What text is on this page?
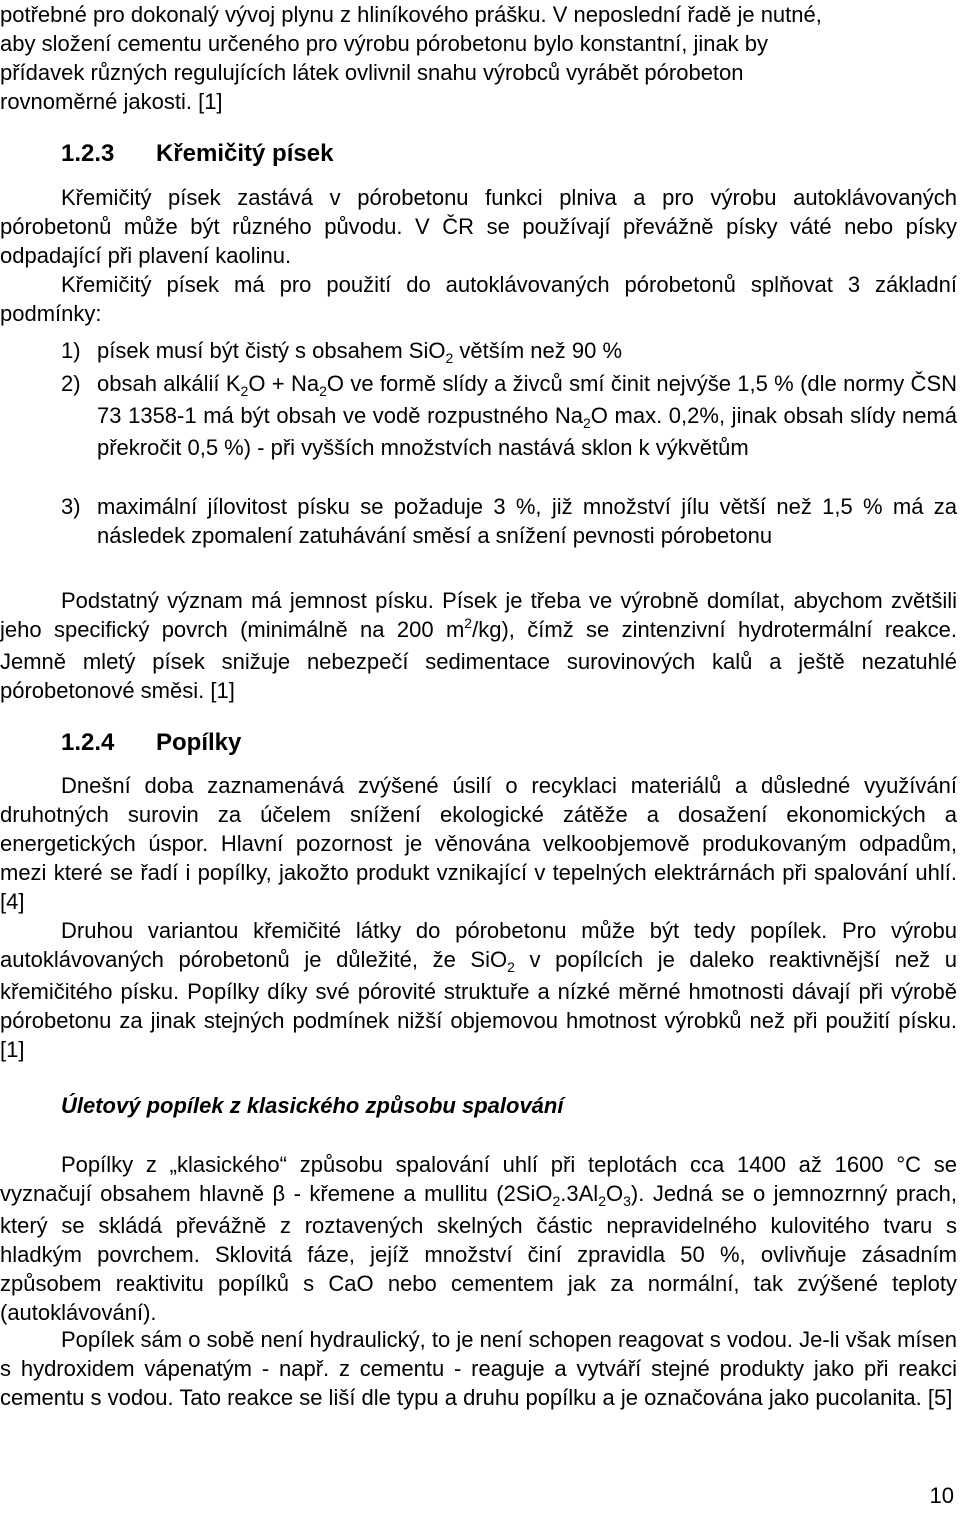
potřebné pro dokonalý vývoj plynu z hliníkového prášku. V neposlední řadě je nutné,
aby složení cementu určeného pro výrobu pórobetonu bylo konstantní, jinak by
přídavek různých regulujících látek ovlivnil snahu výrobců vyrábět pórobeton
rovnoměrné jakosti. [1]

1.2.3 Křemičitý písek

Křemičitý písek zastává v pórobetonu funkci plniva a pro výrobu autoklávovaných pórobetonů může být různého původu. V ČR se používají převážně písky váté nebo písky odpadající při plavení kaolinu.

Křemičitý písek má pro použití do autoklávovaných pórobetonů splňovat 3 základní podmínky:

1) písek musí být čistý s obsahem SiO$_2$ větším než 90 %
2) obsah alkálií $K_2O + Na_2O$ ve formě slídy a živců smí činit nejvýše 1,5 % (dle normy ČSN 73 1358-1 má být obsah ve vodě rozpustného $Na_2O$ max. 0,2%, jinak obsah slídy nemá překročit 0,5 %) - při vyšších množstvích nastává sklon k výkvětům
3) maximální jílovitost písku se požaduje 3 %, již množství jílu větší než 1,5 % má za následek zpomalení zatuhávání směsí a snížení pevnosti pórobetonu

Podstatný význam má jemnost písku. Písek je třeba ve výrobně domílat, abychom zvětšili jeho specifický povrch (minimálně na 200 $m^2/kg$), čímž se zintenzivní hydrotermální reakce. Jemně mletý písek snižuje nebezpečí sedimentace surovinových kalů a ještě nezatuhlé pórobetonové směsi. [1]

1.2.4 Popílky

Dnešní doba zaznamenává zvýšené úsilí o recyklaci materiálů a důsledné využívání druhotných surovin za účelem snížení ekologické zátěže a dosažení ekonomických a energetických úspor. Hlavní pozornost je věnována velkoobjemově produkovaným odpadům, mezi které se řadí i popílky, jakožto produkt vznikající v tepelných elektrárnách při spalování uhlí. [4]

Druhou variantou křemičité látky do pórobetonu může být tedy popílek. Pro výrobu autoklávovaných pórobetonů je důležité, že SiO$_2$ v popílcích je daleko reaktivnější než u křemičitého písku. Popílky díky své pórovité struktuře a nízké měrné hmotnosti dávají při výrobě pórobetonu za jinak stejných podmínek nižší objemovou hmotnost výrobků než při použití písku. [1]

Úletový popílek z klasického způsobu spalování

Popílky z „klasického“ způsobu spalování uhlí při teplotách cca 1400 až 1600 °C se vyznačují obsahem hlavně β - křemene a mullitu $(2SiO_2.3Al_2O_3)$. Jedná se o jemnozrnný prach, který se skládá převážně z roztavených skelných částic nepravidelného kulovitého tvaru s hladkým povrchem. Sklovitá fáze, jejíž množství činí zpravidla 50 %, ovlivňuje zásadním způsobem reaktivitu popílků s CaO nebo cementem jak za normální, tak zvýšené teploty (autoklávování).

Popílek sám o sobě není hydraulický, to je není schopen reagovat s vodou. Je-li však mísen s hydroxidem vápenatým - např. z cementu - reaguje a vytváří stejné produkty jako při reakci cementu s vodou. Tato reakce se liší dle typu a druhu popílku a je označována jako pucolanita. [5]

10
